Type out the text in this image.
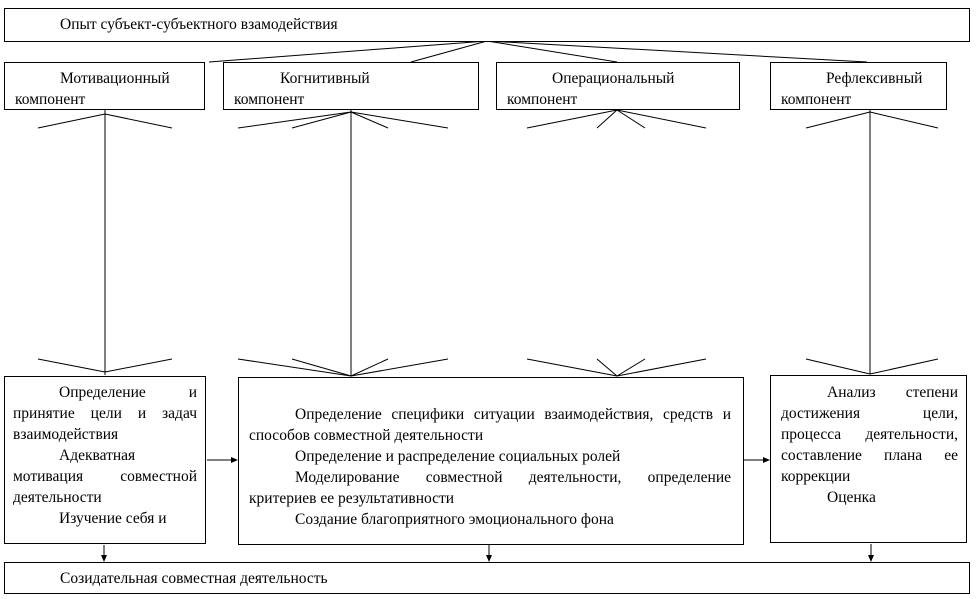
Опыт субъект-субъектного взамодействия
Мотивационный
компонент
Когнитивный
компонент
Операциональный
компонент
Рефлексивный
компонент
Определение и принятие цели и задач взаимодействия
Адекватная мотивация совместной деятельности
Изучение себя и
Определение специфики ситуации взаимодействия, средств и способов совместной деятельности
Определение и распределение социальных ролей
Моделирование совместной деятельности, определение критериев ее результативности
Создание благоприятного эмоционального фона
Анализ степени достижения цели, процесса деятельности, составление плана ее коррекции
Оценка
Созидательная совместная деятельность
